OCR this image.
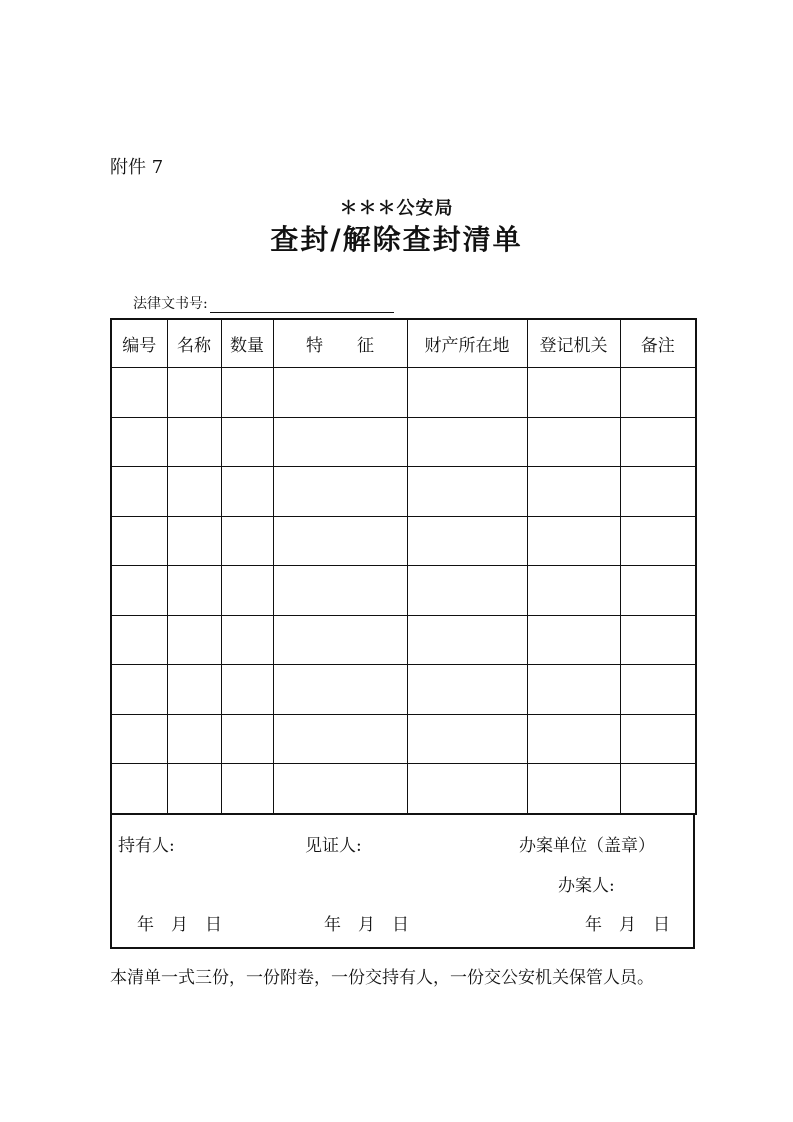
附件 7
＊＊＊公安局
查封/解除查封清单
法律文书号:
编号	名称	数量	特　　征	财产所在地	登记机关	备注

持有人:	见证人:	办案单位（盖章）
办案人:
年　月　日	年　月　日	年　月　日
本清单一式三份，一份附卷，一份交持有人，一份交公安机关保管人员。
